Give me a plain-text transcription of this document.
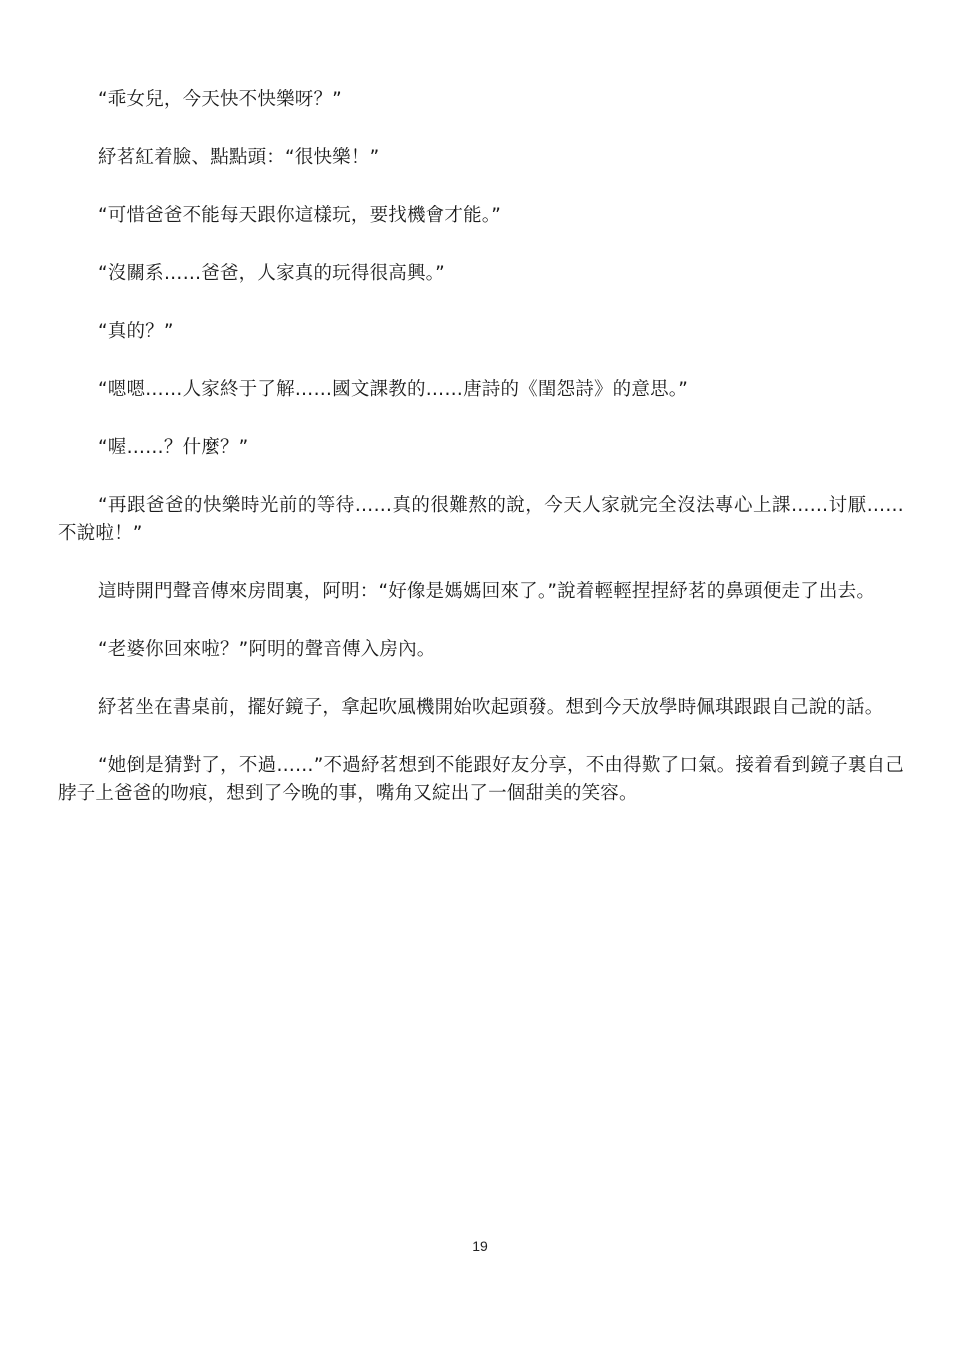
“乖女兒，今天快不快樂呀？”

紓茗紅着臉、點點頭：“很快樂！”

“可惜爸爸不能每天跟你這樣玩，要找機會才能。”

“沒關系……爸爸，人家真的玩得很高興。”

“真的？”

“嗯嗯……人家終于了解……國文課教的……唐詩的《閨怨詩》的意思。”

“喔……？什麼？”

“再跟爸爸的快樂時光前的等待……真的很難熬的說，今天人家就完全沒法專心上課……讨厭……不說啦！”

這時開門聲音傳來房間裏，阿明：“好像是媽媽回來了。”說着輕輕捏捏紓茗的鼻頭便走了出去。

“老婆你回來啦？”阿明的聲音傳入房內。

紓茗坐在書桌前，擺好鏡子，拿起吹風機開始吹起頭發。想到今天放學時佩琪跟跟自己說的話。

“她倒是猜對了，不過……”不過紓茗想到不能跟好友分享，不由得歎了口氣。接着看到鏡子裏自己脖子上爸爸的吻痕，想到了今晚的事，嘴角又綻出了一個甜美的笑容。

19
